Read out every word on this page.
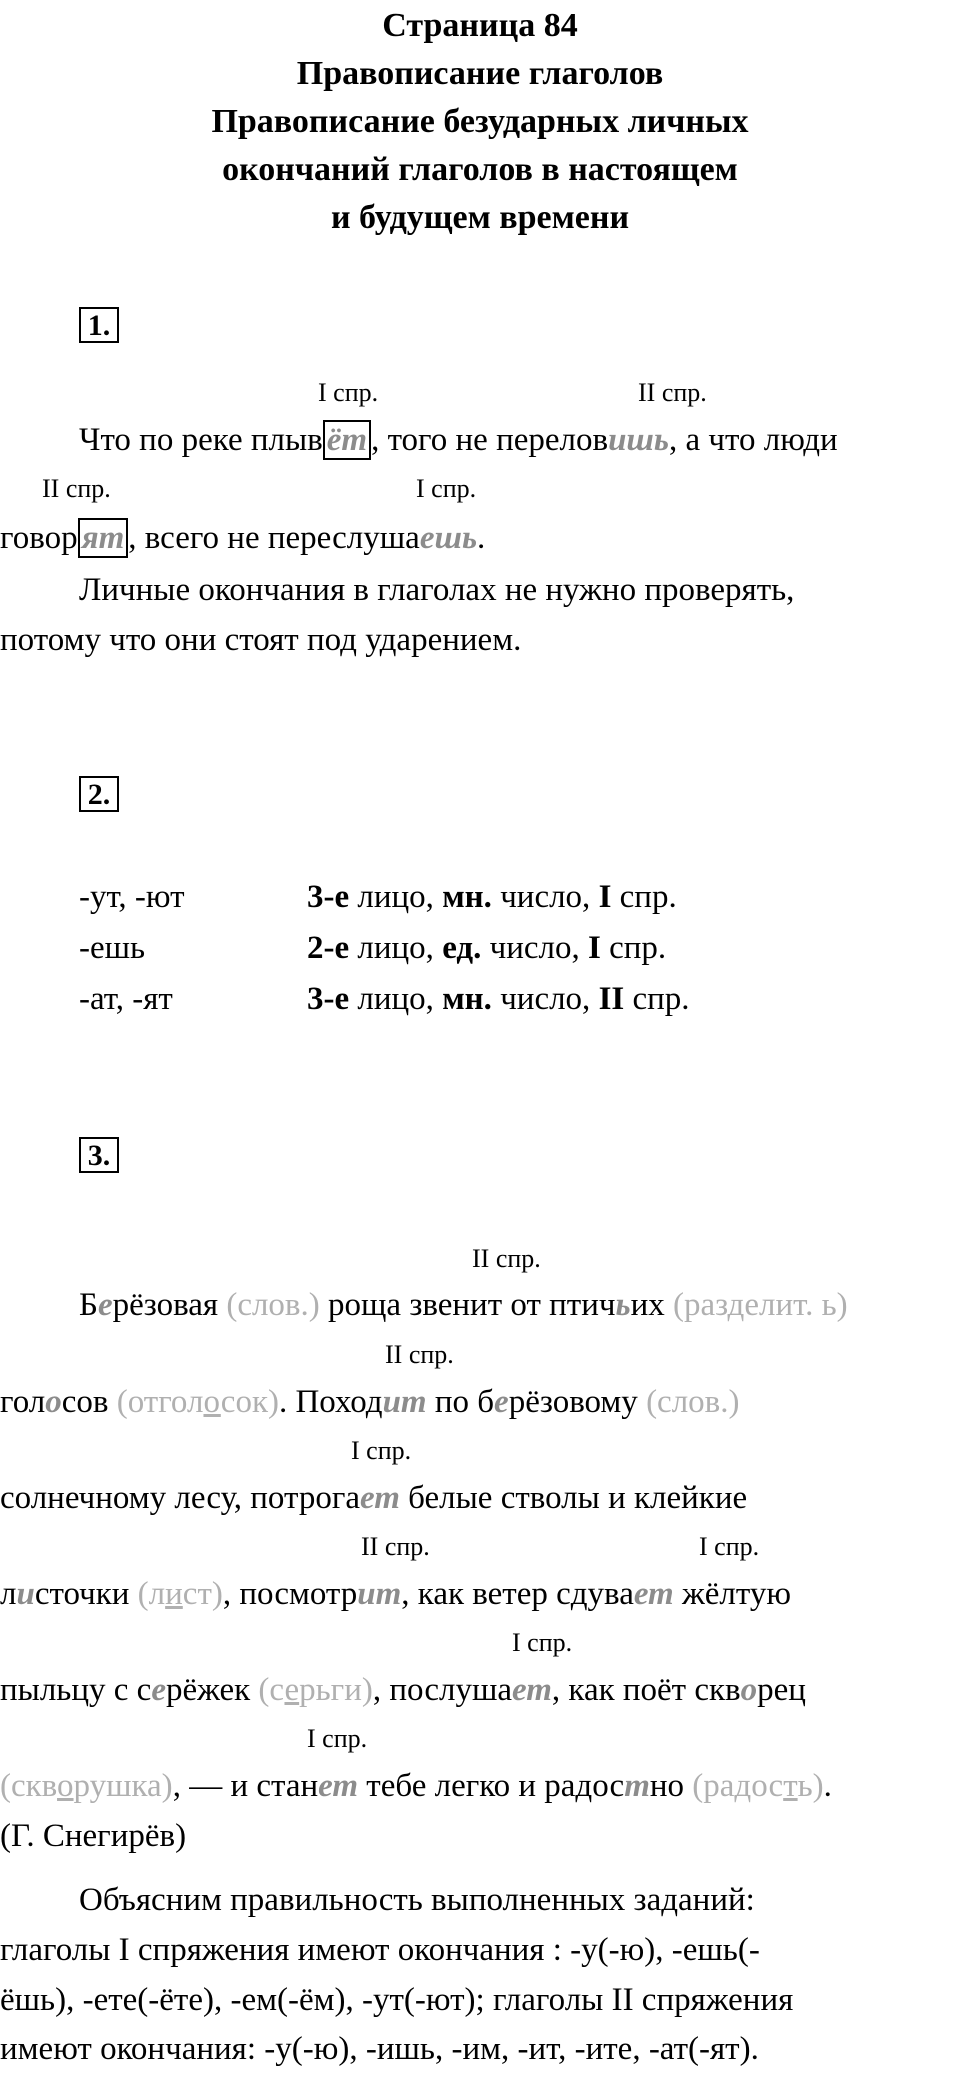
Страница 84
Правописание глаголов
Правописание безударных личных
окончаний глаголов в настоящем
и будущем времени
1.
I спр.	II спр.
Что по реке плыв ёт , того не переловишь, а что люди
II спр.	I спр.
говор ят , всего не переслушаешь.
Личные окончания в глаголах не нужно проверять,
потому что они стоят под ударением.
2.
-ут, -ют	3-е лицо, мн. число, I спр.
-ешь	2-е лицо, ед. число, I спр.
-ат, -ят	3-е лицо, мн. число, II спр.
3.
II спр.
Берёзовая (слов.) роща звенит от птичьих (разделит. ь)
II спр.
голосов (отголосок). Походит по берёзовому (слов.)
I спр.
солнечному лесу, потрогает белые стволы и клейкие
II спр.	I спр.
листочки (лист), посмотрит, как ветер сдувает жёлтую
I спр.
пыльцу с серёжек (серьги), послушает, как поёт скворец
I спр.
(скворушка), — и станет тебе легко и радостно (радость).
(Г. Снегирёв)
Объясним правильность выполненных заданий:
глаголы I спряжения имеют окончания : -у(-ю), -ешь(-
ёшь), -ете(-ёте), -ем(-ём), -ут(-ют); глаголы II спряжения
имеют окончания: -у(-ю), -ишь, -им, -ит, -ите, -ат(-ят).
